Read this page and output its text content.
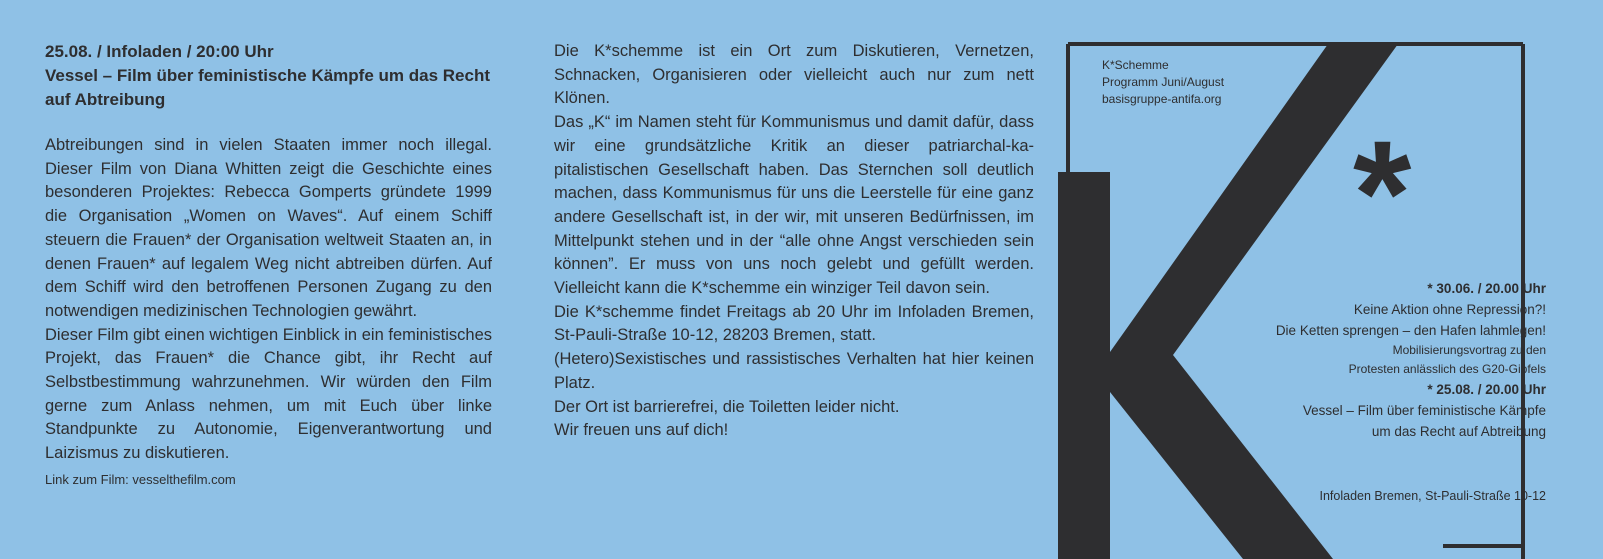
25.08. / Infoladen / 20:00 Uhr
Vessel – Film über feministische Kämpfe um das Recht auf Abtreibung

Abtreibungen sind in vielen Staaten immer noch illegal. Dieser Film von Diana Whitten zeigt die Geschichte eines besonderen Projektes: Rebecca Gomperts gründete 1999 die Organisation „Women on Waves“. Auf einem Schiff steuern die Frauen* der Organisation weltweit Staaten an, in denen Frauen* auf legalem Weg nicht abtreiben dürfen. Auf dem Schiff wird den betroffenen Personen Zugang zu den notwendigen medizinischen Technologien gewährt.

Dieser Film gibt einen wichtigen Einblick in ein feministisches Projekt, das Frauen* die Chance gibt, ihr Recht auf Selbstbestimmung wahrzunehmen. Wir würden den Film gerne zum Anlass nehmen, um mit Euch über linke Standpunkte zu Autonomie, Eigenverantwortung und Laizismus zu diskutieren.

Link zum Film: vesselthefilm.com

Die K*schemme ist ein Ort zum Diskutieren, Vernetzen, Schnacken, Organisieren oder vielleicht auch nur zum nett Klönen.

Das „K“ im Namen steht für Kommunismus und damit dafür, dass wir eine grundsätzliche Kritik an dieser patriarchal-kapitalistischen Gesellschaft haben. Das Sternchen soll deutlich machen, dass Kommunismus für uns die Leerstelle für eine ganz andere Gesellschaft ist, in der wir, mit unseren Bedürfnissen, im Mittelpunkt stehen und in der “alle ohne Angst verschieden sein können”. Er muss von uns noch gelebt und gefüllt werden. Vielleicht kann die K*schemme ein winziger Teil davon sein.

Die K*schemme findet Freitags ab 20 Uhr im Infoladen Bremen, St-Pauli-Straße 10-12, 28203 Bremen, statt.

(Hetero)Sexistisches und rassistisches Verhalten hat hier keinen Platz.

Der Ort ist barrierefrei, die Toiletten leider nicht.

Wir freuen uns auf dich!

*
K*Schemme
Programm Juni/August
basisgruppe-antifa.org
* 30.06. / 20.00 Uhr
Keine Aktion ohne Repression?!
Die Ketten sprengen – den Hafen lahmlegen!
Mobilisierungsvortrag zu den
Protesten anlässlich des G20-Gipfels
* 25.08. / 20.00 Uhr
Vessel – Film über feministische Kämpfe
um das Recht auf Abtreibung
Infoladen Bremen, St-Pauli-Straße 10-12
